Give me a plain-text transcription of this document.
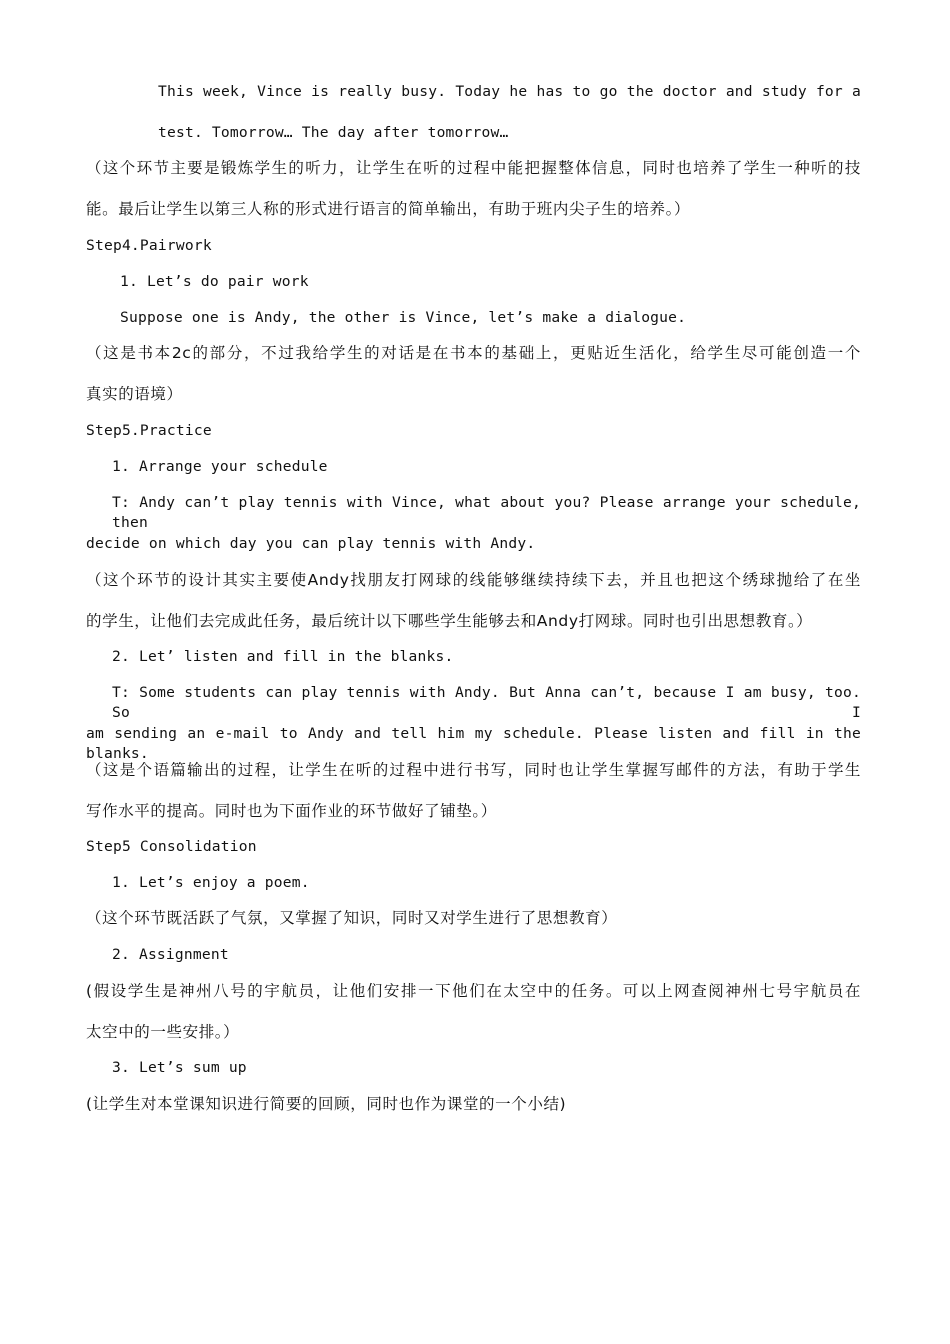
This week, Vince is really busy. Today he has to go the doctor and study for a
test. Tomorrow… The day after tomorrow…
（这个环节主要是锻炼学生的听力，让学生在听的过程中能把握整体信息，同时也培养了学生一种听的技
能。最后让学生以第三人称的形式进行语言的简单输出，有助于班内尖子生的培养。）
Step4.Pairwork
1. Let’s do pair work
Suppose one is Andy, the other is Vince, let’s make a dialogue.
（这是书本2c的部分，不过我给学生的对话是在书本的基础上，更贴近生活化，给学生尽可能创造一个
真实的语境）
Step5.Practice
1. Arrange your schedule
T: Andy can’t play tennis with Vince, what about you? Please arrange your schedule, then
decide on which day you can play tennis with Andy.
（这个环节的设计其实主要使Andy找朋友打网球的线能够继续持续下去，并且也把这个绣球抛给了在坐
的学生，让他们去完成此任务，最后统计以下哪些学生能够去和Andy打网球。同时也引出思想教育。）
2. Let’ listen and fill in the blanks.
T: Some students can play tennis with Andy. But Anna can’t, because I am busy, too. So I
am sending an e-mail to Andy and tell him my schedule. Please listen and fill in the blanks.
（这是个语篇输出的过程，让学生在听的过程中进行书写，同时也让学生掌握写邮件的方法，有助于学生
写作水平的提高。同时也为下面作业的环节做好了铺垫。）
Step5 Consolidation
1. Let’s enjoy a poem.
（这个环节既活跃了气氛，又掌握了知识，同时又对学生进行了思想教育）
2. Assignment
(假设学生是神州八号的宇航员，让他们安排一下他们在太空中的任务。可以上网查阅神州七号宇航员在
太空中的一些安排。）
3. Let’s sum up
(让学生对本堂课知识进行简要的回顾，同时也作为课堂的一个小结)
